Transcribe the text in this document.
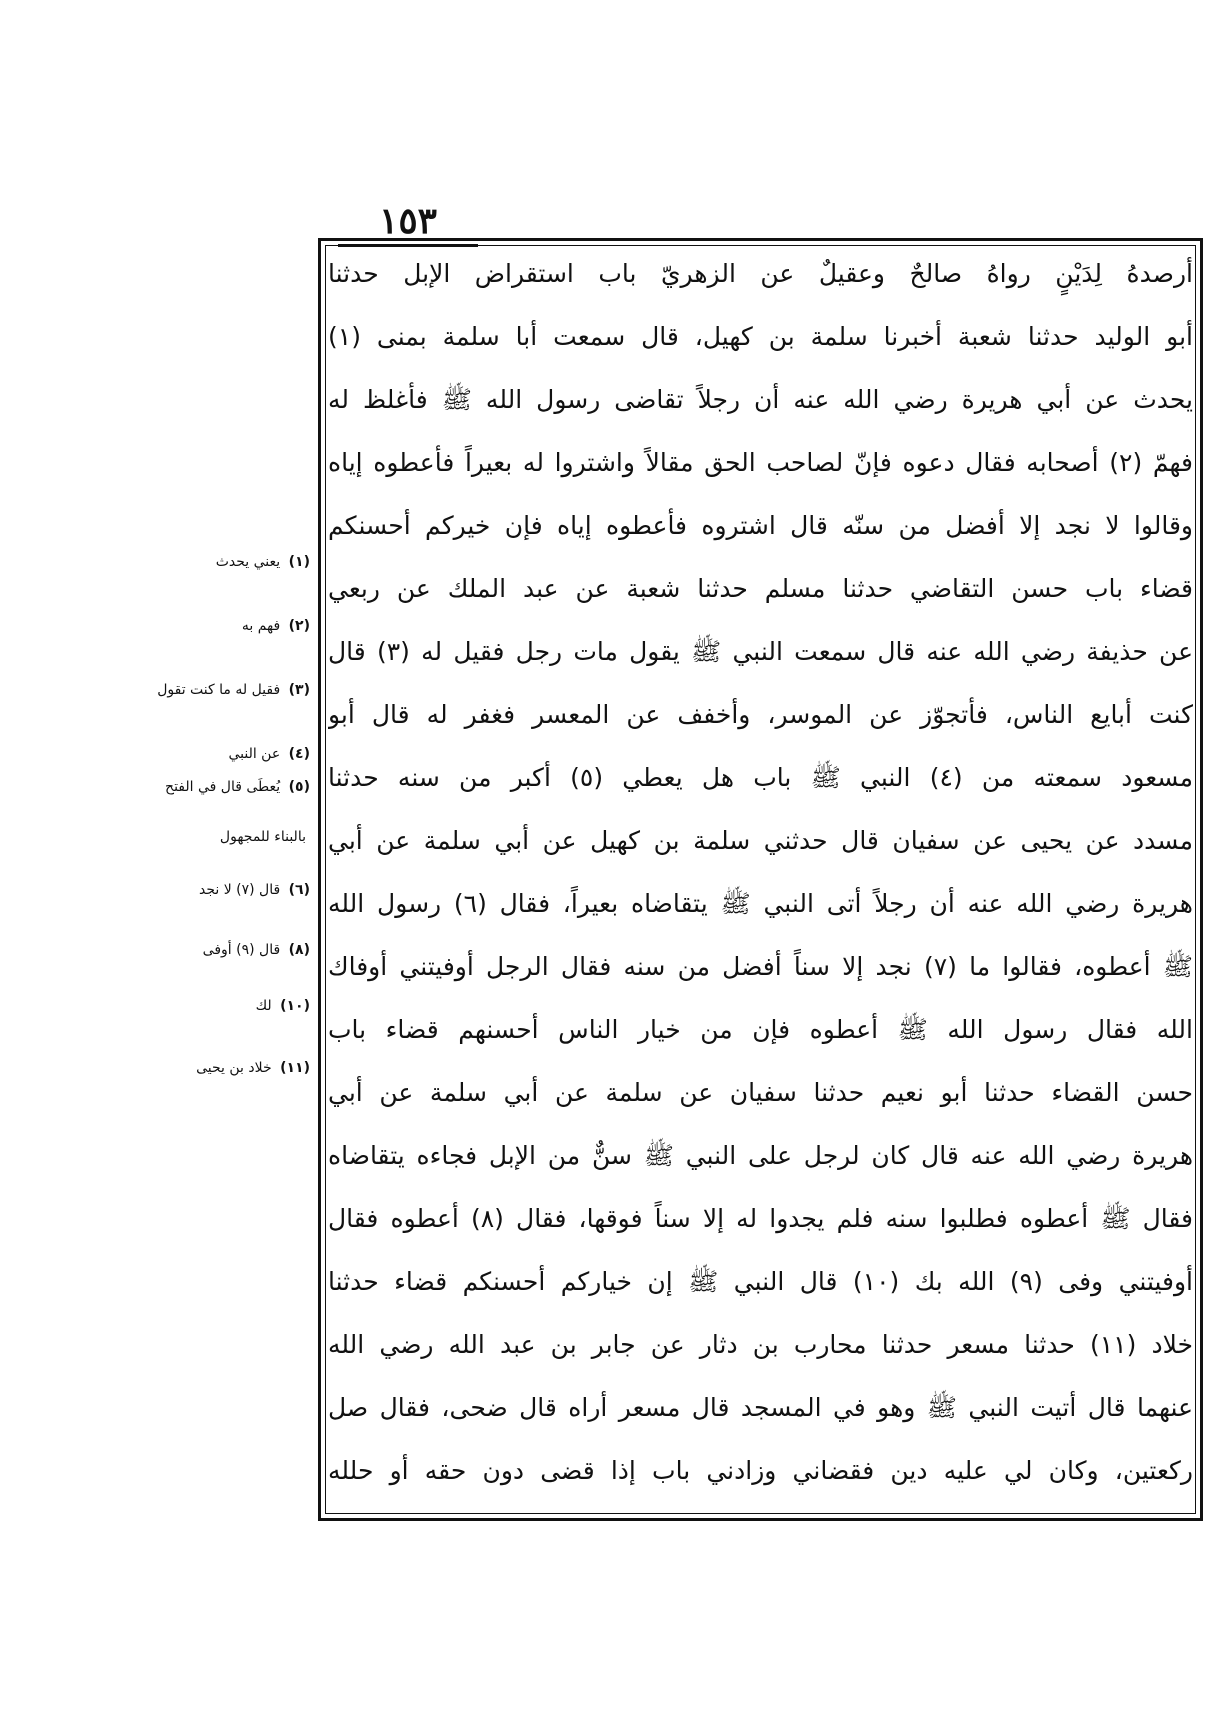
١٥٣
أرصدهُ لِدَيْنٍ رواهُ صالحٌ وعقيلٌ عن الزهريّ باب استقراض الإبل حدثنا
أبو الوليد حدثنا شعبة أخبرنا سلمة بن كهيل، قال سمعت أبا سلمة بمنى (١)
يحدث عن أبي هريرة رضي الله عنه أن رجلاً تقاضى رسول الله ﷺ فأغلظ له
فهمّ (٢) أصحابه فقال دعوه فإنّ لصاحب الحق مقالاً واشتروا له بعيراً فأعطوه إياه
وقالوا لا نجد إلا أفضل من سنّه قال اشتروه فأعطوه إياه فإن خيركم أحسنكم
قضاء باب حسن التقاضي حدثنا مسلم حدثنا شعبة عن عبد الملك عن ربعي
عن حذيفة رضي الله عنه قال سمعت النبي ﷺ يقول مات رجل فقيل له (٣) قال
كنت أبايع الناس، فأتجوّز عن الموسر، وأخفف عن المعسر فغفر له قال أبو
مسعود سمعته من (٤) النبي ﷺ باب هل يعطي (٥) أكبر من سنه حدثنا
مسدد عن يحيى عن سفيان قال حدثني سلمة بن كهيل عن أبي سلمة عن أبي
هريرة رضي الله عنه أن رجلاً أتى النبي ﷺ يتقاضاه بعيراً، فقال (٦) رسول الله
ﷺ أعطوه، فقالوا ما (٧) نجد إلا سناً أفضل من سنه فقال الرجل أوفيتني أوفاك
الله فقال رسول الله ﷺ أعطوه فإن من خيار الناس أحسنهم قضاء باب
حسن القضاء حدثنا أبو نعيم حدثنا سفيان عن سلمة عن أبي سلمة عن أبي
هريرة رضي الله عنه قال كان لرجل على النبي ﷺ سنٌّ من الإبل فجاءه يتقاضاه
فقال ﷺ أعطوه فطلبوا سنه فلم يجدوا له إلا سناً فوقها، فقال (٨) أعطوه فقال
أوفيتني وفى (٩) الله بك (١٠) قال النبي ﷺ إن خياركم أحسنكم قضاء حدثنا
خلاد (١١) حدثنا مسعر حدثنا محارب بن دثار عن جابر بن عبد الله رضي الله
عنهما قال أتيت النبي ﷺ وهو في المسجد قال مسعر أراه قال ضحى، فقال صل
ركعتين، وكان لي عليه دين فقضاني وزادني باب إذا قضى دون حقه أو حلله
(١) يعني يحدث
(٢) فهم به
(٣) فقيل له ما كنت تقول
(٤) عن النبي
(٥) يُعطَى قال في الفتح
بالبناء للمجهول
(٦) قال (٧) لا نجد
(٨) قال (٩) أوفى
(١٠) لك
(١١) خلاد بن يحيى
